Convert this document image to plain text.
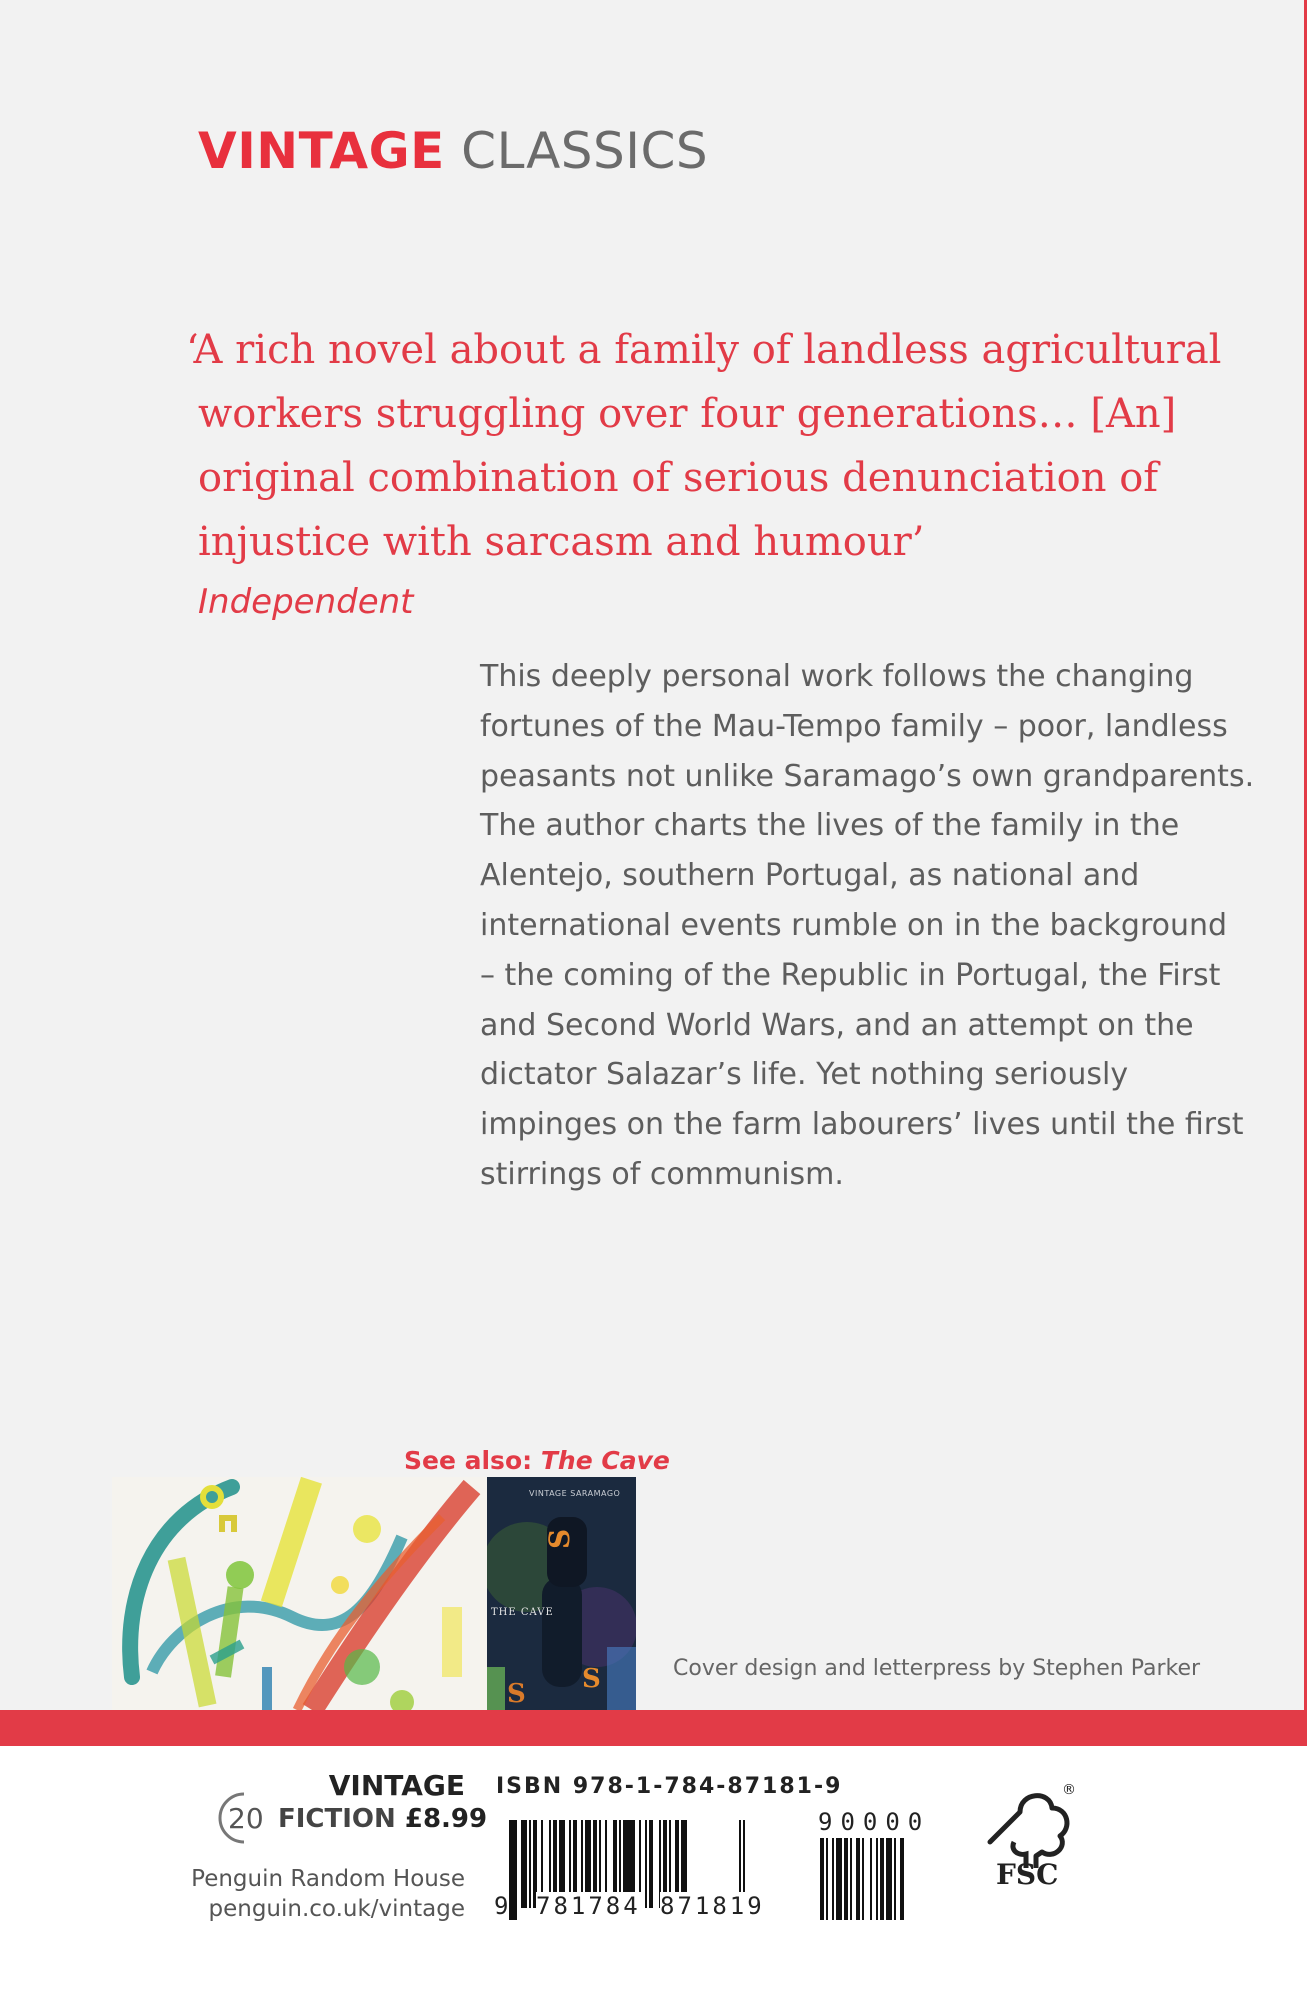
VINTAGE CLASSICS
‘A rich novel about a family of landless agricultural
workers struggling over four generations… [An]
original combination of serious denunciation of
injustice with sarcasm and humour’
Independent
This deeply personal work follows the changing
fortunes of the Mau-Tempo family – poor, landless
peasants not unlike Saramago’s own grandparents.
The author charts the lives of the family in the
Alentejo, southern Portugal, as national and
international events rumble on in the background
– the coming of the Republic in Portugal, the First
and Second World Wars, and an attempt on the
dictator Salazar’s life. Yet nothing seriously
impinges on the farm labourers’ lives until the first
stirrings of communism.
See also: The Cave
S
S
S
VINTAGE SARAMAGO
THE CAVE
Cover design and letterpress by Stephen Parker
VINTAGE
20 FICTION £8.99
Penguin Random House
penguin.co.uk/vintage
ISBN 978-1-784-87181-9
9 781784 871819
90000
®
FSC
